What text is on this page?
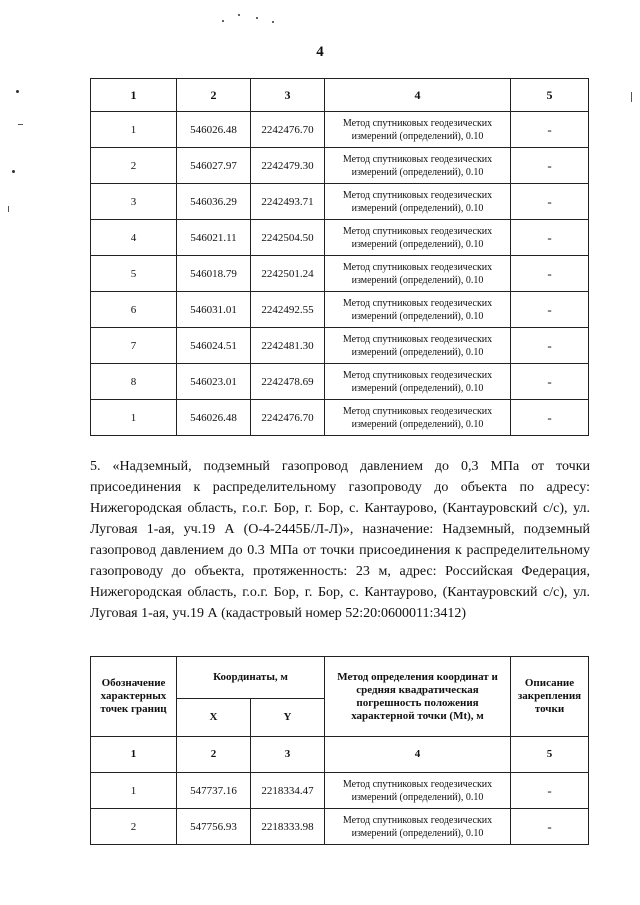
4
1	2	3	4	5
1	546026.48	2242476.70	Метод спутниковых геодезических измерений (определений), 0.10	-
2	546027.97	2242479.30	Метод спутниковых геодезических измерений (определений), 0.10	-
3	546036.29	2242493.71	Метод спутниковых геодезических измерений (определений), 0.10	-
4	546021.11	2242504.50	Метод спутниковых геодезических измерений (определений), 0.10	-
5	546018.79	2242501.24	Метод спутниковых геодезических измерений (определений), 0.10	-
6	546031.01	2242492.55	Метод спутниковых геодезических измерений (определений), 0.10	-
7	546024.51	2242481.30	Метод спутниковых геодезических измерений (определений), 0.10	-
8	546023.01	2242478.69	Метод спутниковых геодезических измерений (определений), 0.10	-
1	546026.48	2242476.70	Метод спутниковых геодезических измерений (определений), 0.10	-

5. «Надземный, подземный газопровод давлением до 0,3 МПа от точки присоединения к распределительному газопроводу до объекта по адресу: Нижегородская область, г.о.г. Бор, г. Бор, с. Кантаурово, (Кантауровский с/с), ул. Луговая 1-ая, уч.19 А (О-4-2445Б/Л-Л)», назначение: Надземный, подземный газопровод давлением до 0.3 МПа от точки присоединения к распределительному газопроводу до объекта, протяженность: 23 м, адрес: Российская Федерация, Нижегородская область, г.о.г. Бор, г. Бор, с. Кантаурово, (Кантауровский с/с), ул. Луговая 1-ая, уч.19 А (кадастровый номер 52:20:0600011:3412)

Обозначение характерных точек границ	Координаты, м		Метод определения координат и средняя квадратическая погрешность положения характерной точки (Mt), м	Описание закрепления точки
	X	Y		
1	2	3	4	5
1	547737.16	2218334.47	Метод спутниковых геодезических измерений (определений), 0.10	-
2	547756.93	2218333.98	Метод спутниковых геодезических измерений (определений), 0.10	-
